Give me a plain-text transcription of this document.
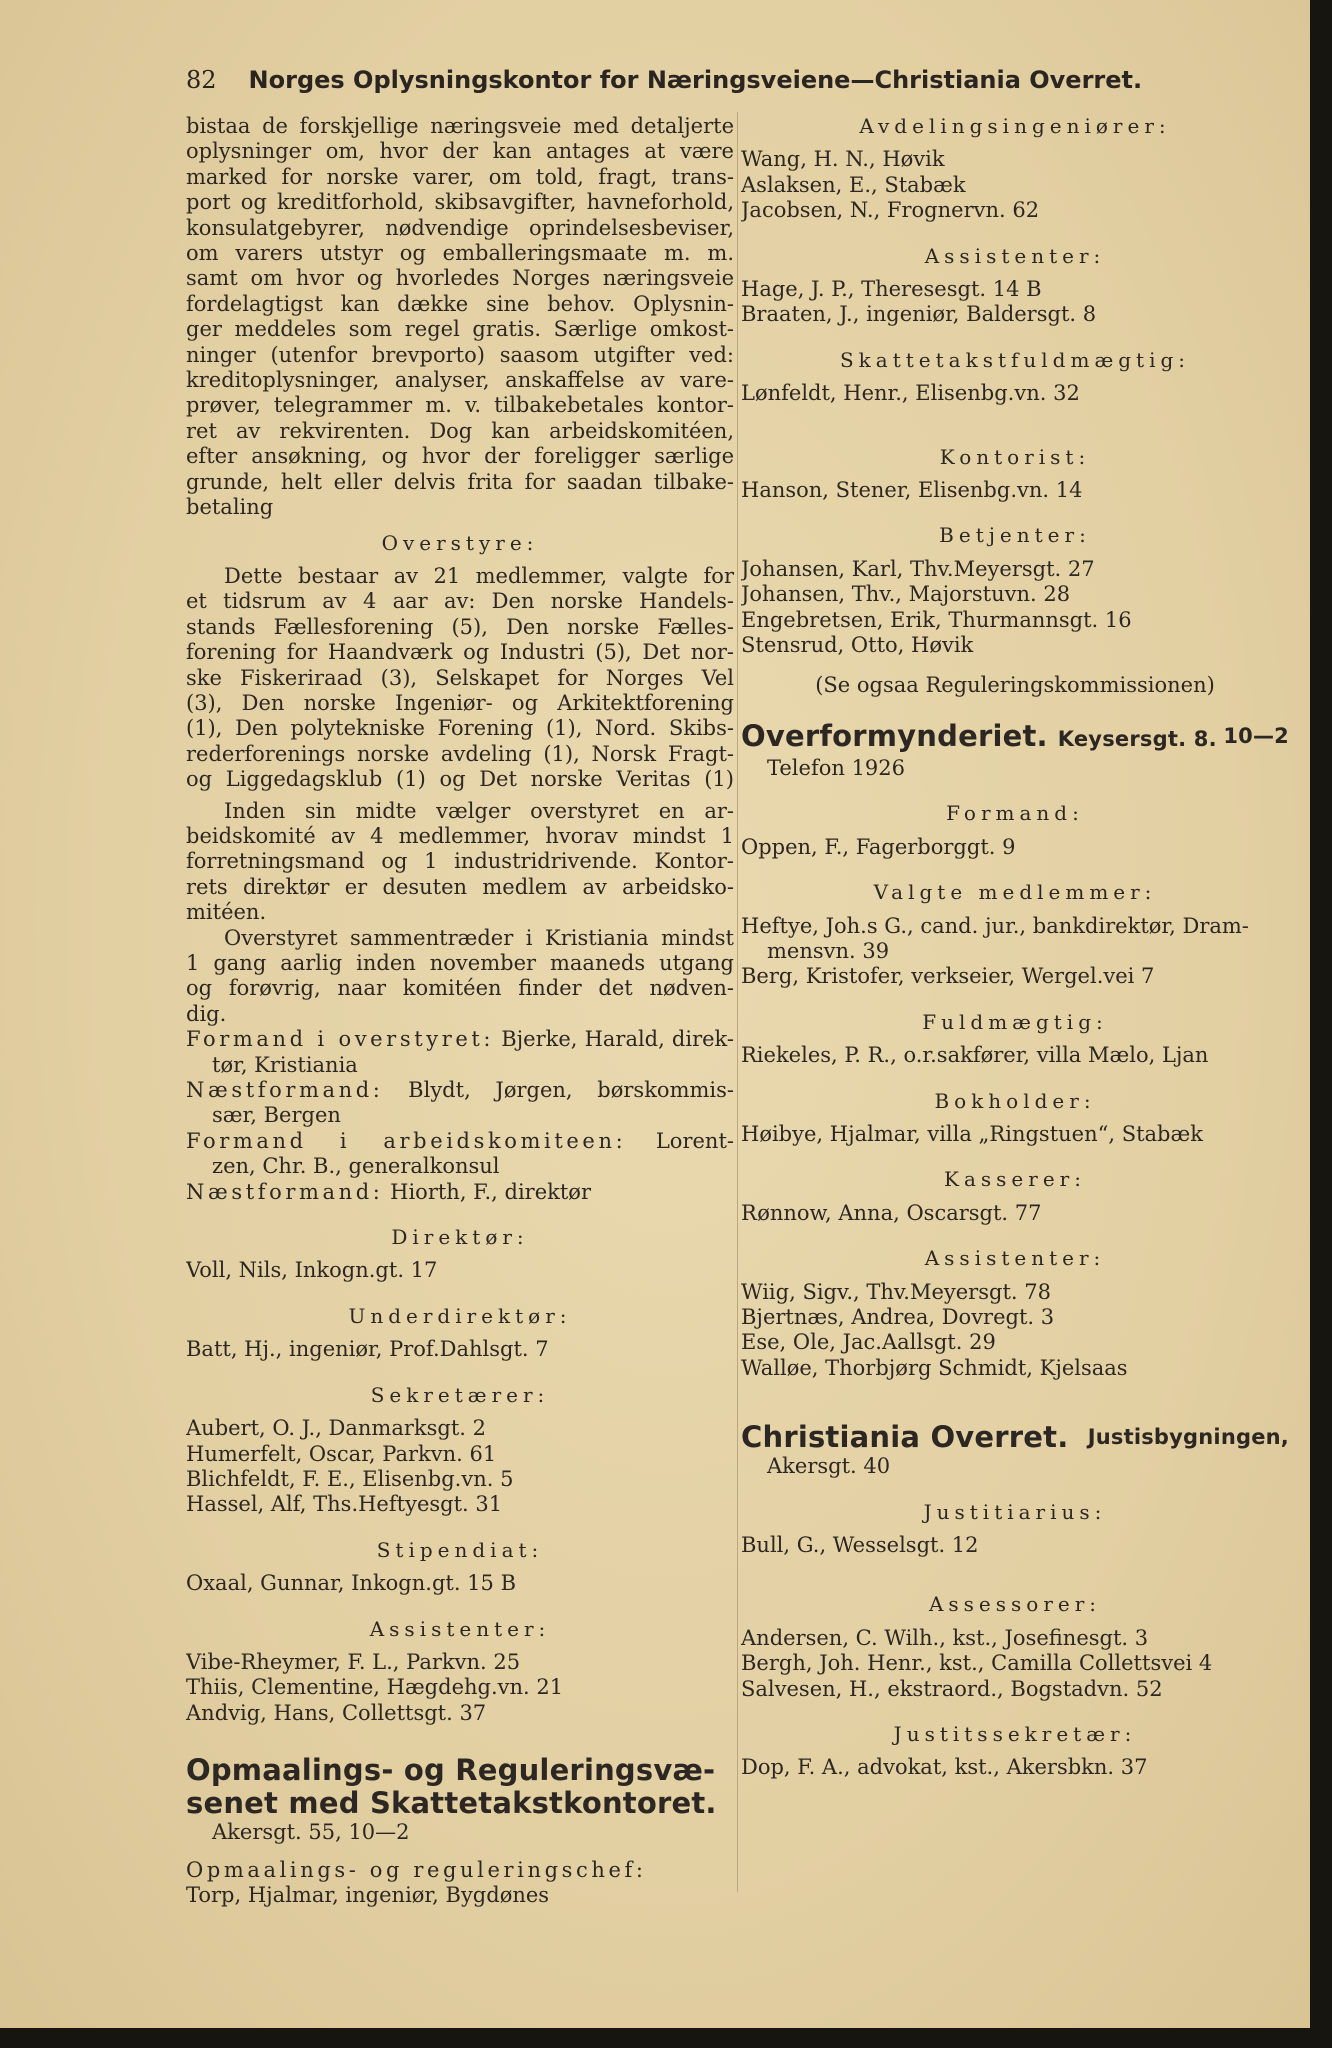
82 Norges Oplysningskontor for Næringsveiene—Christiania Overret.

bistaa de forskjellige næringsveie med detaljerte

oplysninger om, hvor der kan antages at være

marked for norske varer, om told, fragt, trans-

port og kreditforhold, skibsavgifter, havneforhold,

konsulatgebyrer, nødvendige oprindelsesbeviser,

om varers utstyr og emballeringsmaate m. m.

samt om hvor og hvorledes Norges næringsveie

fordelagtigst kan dække sine behov. Oplysnin-

ger meddeles som regel gratis. Særlige omkost-

ninger (utenfor brevporto) saasom utgifter ved:

kreditoplysninger, analyser, anskaffelse av vare-

prøver, telegrammer m. v. tilbakebetales kontor-

ret av rekvirenten. Dog kan arbeidskomitéen,

efter ansøkning, og hvor der foreligger særlige

grunde, helt eller delvis frita for saadan tilbake-

betaling

Overstyre:

Dette bestaar av 21 medlemmer, valgte for

et tidsrum av 4 aar av: Den norske Handels-

stands Fællesforening (5), Den norske Fælles-

forening for Haandværk og Industri (5), Det nor-

ske Fiskeriraad (3), Selskapet for Norges Vel

(3), Den norske Ingeniør- og Arkitektforening

(1), Den polytekniske Forening (1), Nord. Skibs-

rederforenings norske avdeling (1), Norsk Fragt-

og Liggedagsklub (1) og Det norske Veritas (1)

Inden sin midte vælger overstyret en ar-

beidskomité av 4 medlemmer, hvorav mindst 1

forretningsmand og 1 industridrivende. Kontor-

rets direktør er desuten medlem av arbeidsko-

mitéen.

Overstyret sammentræder i Kristiania mindst

1 gang aarlig inden november maaneds utgang

og forøvrig, naar komitéen finder det nødven-

dig.

Formand i overstyret: Bjerke, Harald, direk-

tør, Kristiania

Næstformand: Blydt, Jørgen, børskommis-

sær, Bergen

Formand i arbeidskomiteen: Lorent-

zen, Chr. B., generalkonsul

Næstformand: Hiorth, F., direktør

Direktør:

Voll, Nils, Inkogn.gt. 17

Underdirektør:

Batt, Hj., ingeniør, Prof.Dahlsgt. 7

Sekretærer:

Aubert, O. J., Danmarksgt. 2

Humerfelt, Oscar, Parkvn. 61

Blichfeldt, F. E., Elisenbg.vn. 5

Hassel, Alf, Ths.Heftyesgt. 31

Stipendiat:

Oxaal, Gunnar, Inkogn.gt. 15 B

Assistenter:

Vibe-Rheymer, F. L., Parkvn. 25

Thiis, Clementine, Hægdehg.vn. 21

Andvig, Hans, Collettsgt. 37

Opmaalings- og Reguleringsvæ-
senet med Skattetakstkontoret.

Akersgt. 55, 10—2

Opmaalings- og reguleringschef:

Torp, Hjalmar, ingeniør, Bygdønes

Avdelingsingeniører:

Wang, H. N., Høvik

Aslaksen, E., Stabæk

Jacobsen, N., Frognervn. 62

Assistenter:

Hage, J. P., Theresesgt. 14 B

Braaten, J., ingeniør, Baldersgt. 8

Skattetakstfuldmægtig:

Lønfeldt, Henr., Elisenbg.vn. 32

Kontorist:

Hanson, Stener, Elisenbg.vn. 14

Betjenter:

Johansen, Karl, Thv.Meyersgt. 27

Johansen, Thv., Majorstuvn. 28

Engebretsen, Erik, Thurmannsgt. 16

Stensrud, Otto, Høvik

(Se ogsaa Reguleringskommissionen)

Overformynderiet. Keysersgt. 8. 10—2

Telefon 1926

Formand:

Oppen, F., Fagerborggt. 9

Valgte medlemmer:

Heftye, Joh.s G., cand. jur., bankdirektør, Dram-

mensvn. 39

Berg, Kristofer, verkseier, Wergel.vei 7

Fuldmægtig:

Riekeles, P. R., o.r.sakfører, villa Mælo, Ljan

Bokholder:

Høibye, Hjalmar, villa „Ringstuen“, Stabæk

Kasserer:

Rønnow, Anna, Oscarsgt. 77

Assistenter:

Wiig, Sigv., Thv.Meyersgt. 78

Bjertnæs, Andrea, Dovregt. 3

Ese, Ole, Jac.Aallsgt. 29

Walløe, Thorbjørg Schmidt, Kjelsaas

Christiania Overret. Justisbygningen,

Akersgt. 40

Justitiarius:

Bull, G., Wesselsgt. 12

Assessorer:

Andersen, C. Wilh., kst., Josefinesgt. 3

Bergh, Joh. Henr., kst., Camilla Collettsvei 4

Salvesen, H., ekstraord., Bogstadvn. 52

Justitssekretær:

Dop, F. A., advokat, kst., Akersbkn. 37
